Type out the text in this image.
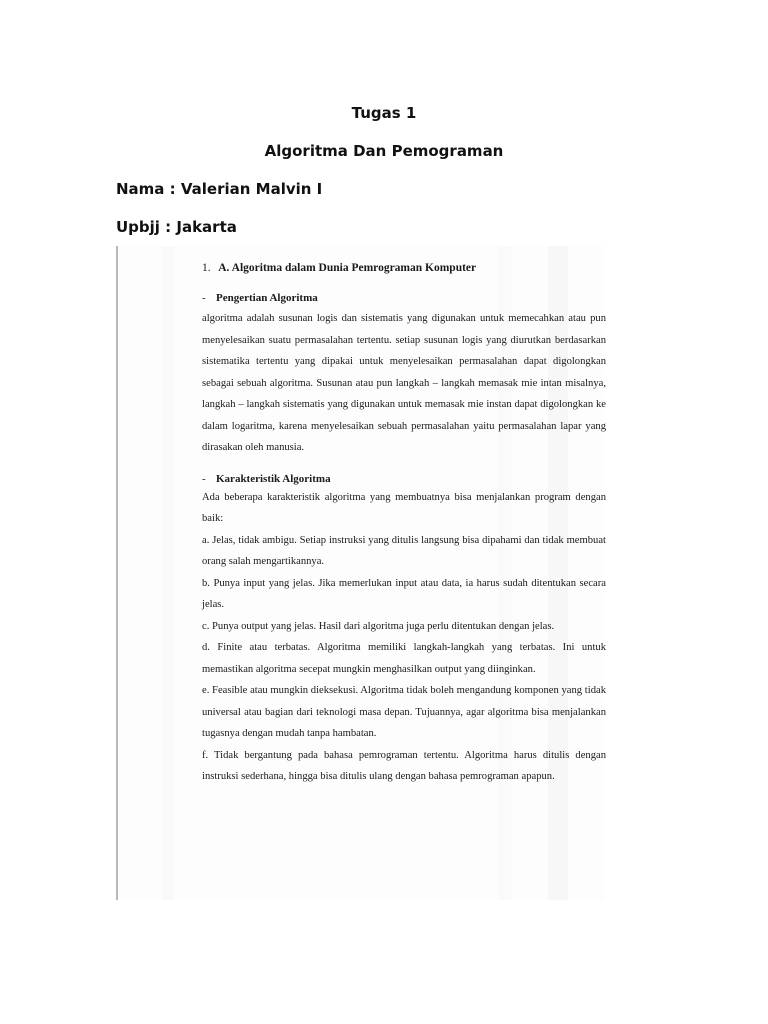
Tugas 1
Algoritma Dan Pemograman
Nama : Valerian Malvin I
Upbjj : Jakarta
1. A. Algoritma dalam Dunia Pemrograman Komputer
- Pengertian Algoritma
algoritma adalah susunan logis dan sistematis yang digunakan untuk memecahkan atau pun menyelesaikan suatu permasalahan tertentu. setiap susunan logis yang diurutkan berdasarkan sistematika tertentu yang dipakai untuk menyelesaikan permasalahan dapat digolongkan sebagai sebuah algoritma. Susunan atau pun langkah – langkah memasak mie intan misalnya, langkah – langkah sistematis yang digunakan untuk memasak mie instan dapat digolongkan ke dalam logaritma, karena menyelesaikan sebuah permasalahan yaitu permasalahan lapar yang dirasakan oleh manusia.
- Karakteristik Algoritma
Ada beberapa karakteristik algoritma yang membuatnya bisa menjalankan program dengan baik:
a. Jelas, tidak ambigu. Setiap instruksi yang ditulis langsung bisa dipahami dan tidak membuat orang salah mengartikannya.
b. Punya input yang jelas. Jika memerlukan input atau data, ia harus sudah ditentukan secara jelas.
c. Punya output yang jelas. Hasil dari algoritma juga perlu ditentukan dengan jelas.
d. Finite atau terbatas. Algoritma memiliki langkah-langkah yang terbatas. Ini untuk memastikan algoritma secepat mungkin menghasilkan output yang diinginkan.
e. Feasible atau mungkin dieksekusi. Algoritma tidak boleh mengandung komponen yang tidak universal atau bagian dari teknologi masa depan. Tujuannya, agar algoritma bisa menjalankan tugasnya dengan mudah tanpa hambatan.
f. Tidak bergantung pada bahasa pemrograman tertentu. Algoritma harus ditulis dengan instruksi sederhana, hingga bisa ditulis ulang dengan bahasa pemrograman apapun.
